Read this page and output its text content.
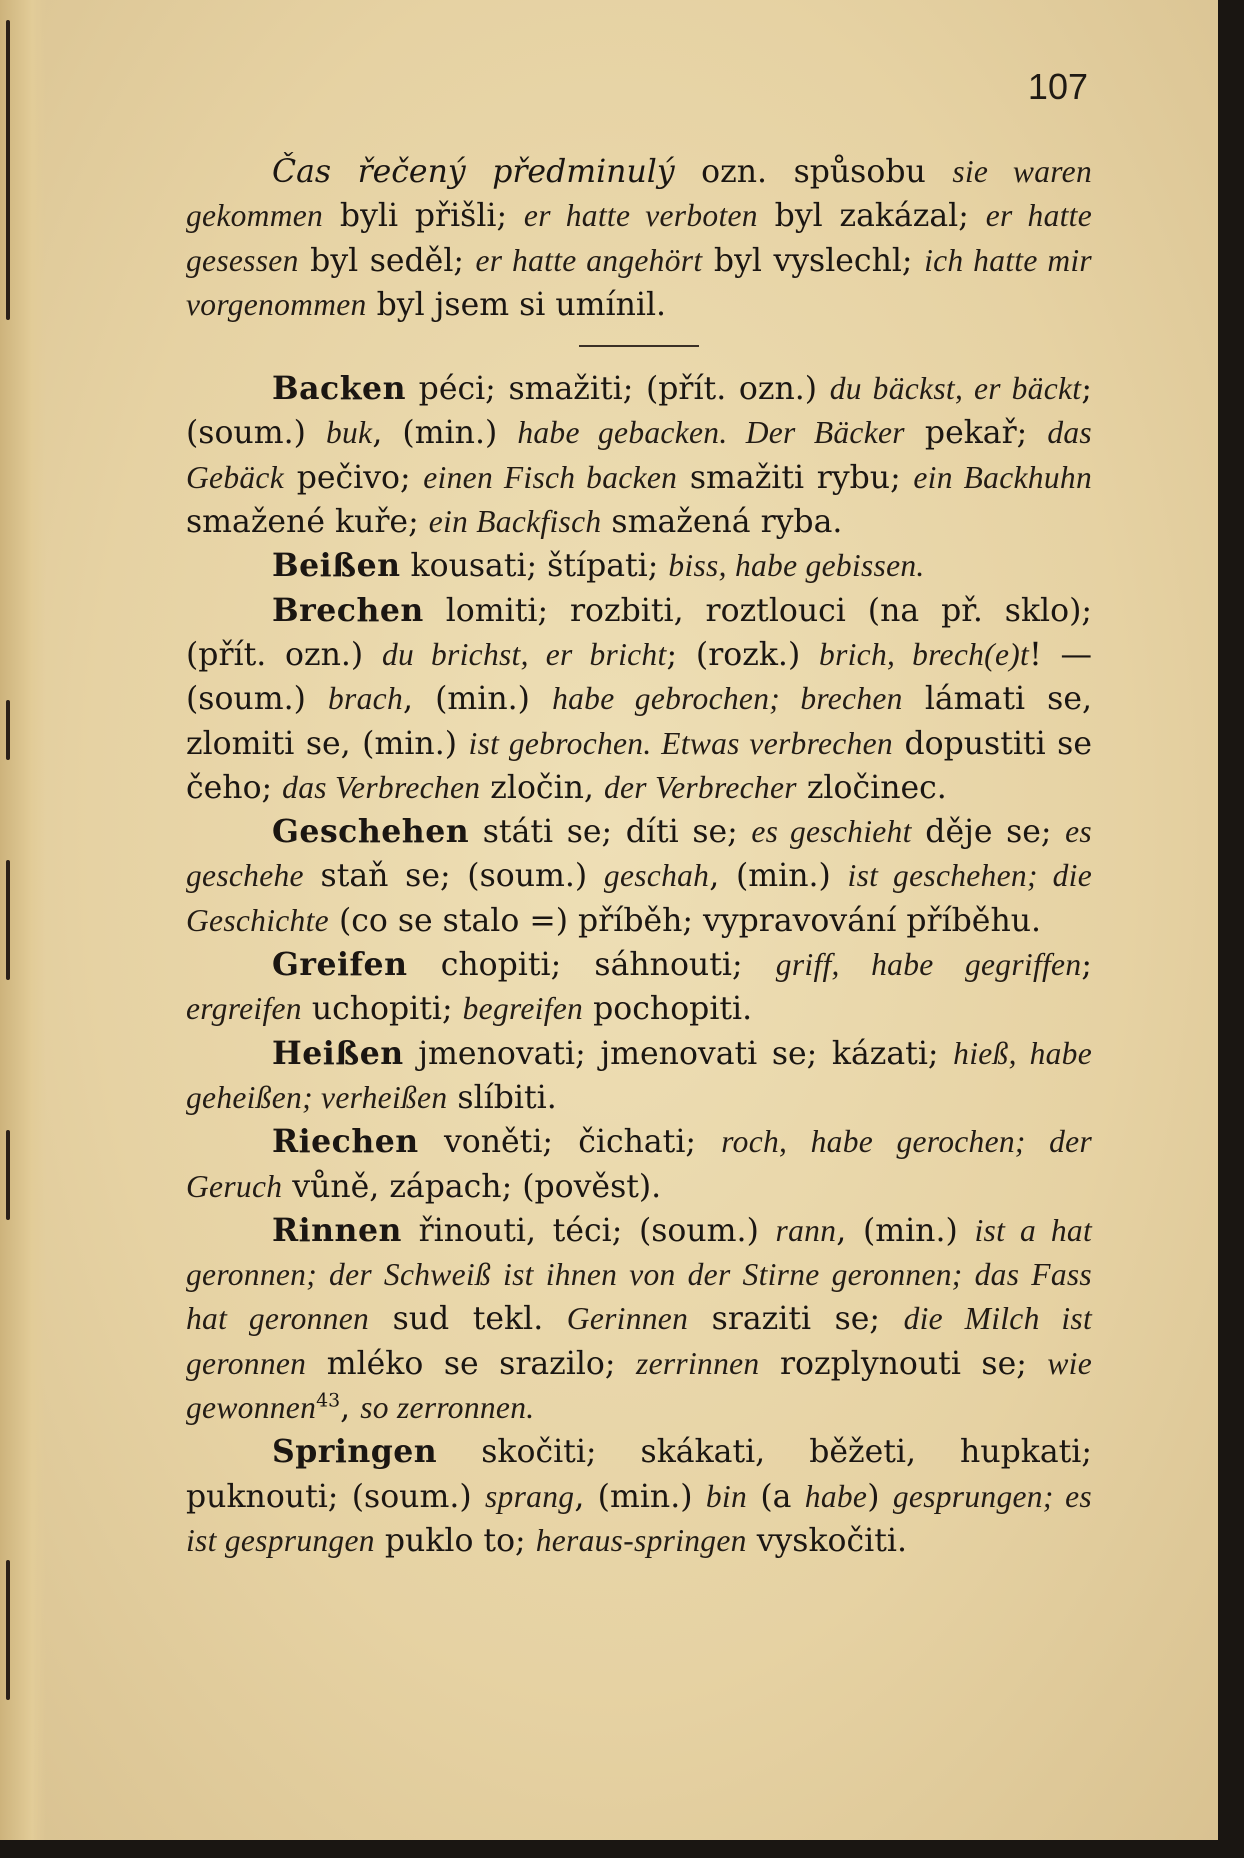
107

Čas řečený předminulý ozn. spůsobu sie waren gekommen byli přišli; er hatte verboten byl zakázal; er hatte gesessen byl seděl; er hatte angehört byl vyslechl; ich hatte mir vorgenommen byl jsem si umínil.

Backen péci; smažiti; (přít. ozn.) du bäckst, er bäckt; (soum.) buk, (min.) habe gebacken. Der Bäcker pekař; das Gebäck pečivo; einen Fisch backen smažiti rybu; ein Backhuhn smažené kuře; ein Backfisch smažená ryba.

Beißen kousati; štípati; biss, habe gebissen.

Brechen lomiti; rozbiti, roztlouci (na př. sklo); (přít. ozn.) du brichst, er bricht; (rozk.) brich, brech(e)t! — (soum.) brach, (min.) habe gebrochen; brechen lámati se, zlomiti se, (min.) ist gebrochen. Etwas verbrechen dopustiti se čeho; das Verbrechen zločin, der Verbrecher zločinec.

Geschehen státi se; díti se; es geschieht děje se; es geschehe staň se; (soum.) geschah, (min.) ist geschehen; die Geschichte (co se stalo =) příběh; vypravování příběhu.

Greifen chopiti; sáhnouti; griff, habe gegriffen; ergreifen uchopiti; begreifen pochopiti.

Heißen jmenovati; jmenovati se; kázati; hieß, habe geheißen; verheißen slíbiti.

Riechen voněti; čichati; roch, habe gerochen; der Geruch vůně, zápach; (pověst).

Rinnen řinouti, téci; (soum.) rann, (min.) ist a hat geronnen; der Schweiß ist ihnen von der Stirne geronnen; das Fass hat geronnen sud tekl. Gerinnen sraziti se; die Milch ist geronnen mléko se srazilo; zerrinnen rozplynouti se; wie gewonnen$^{43}$, so zerronnen.

Springen skočiti; skákati, běžeti, hupkati; puknouti; (soum.) sprang, (min.) bin (a habe) gesprungen; es ist gesprungen puklo to; heraus-springen vyskočiti.
